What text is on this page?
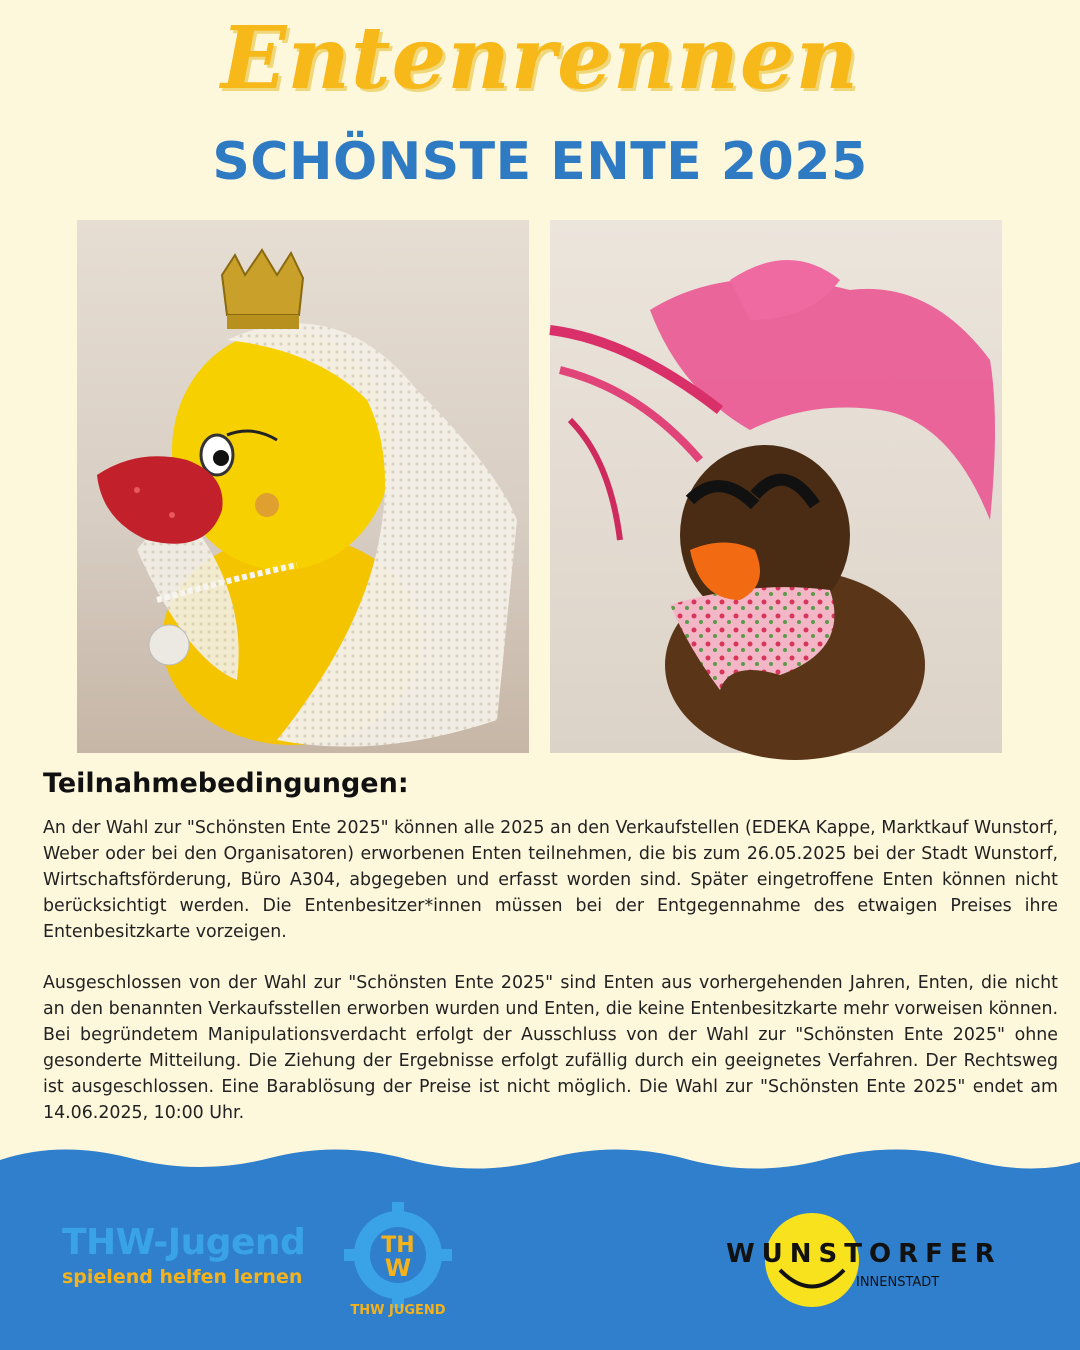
Entenrennen
SCHÖNSTE ENTE 2025
Teilnahmebedingungen:

An der Wahl zur "Schönsten Ente 2025" können alle 2025 an den Verkaufstellen (EDEKA Kappe, Marktkauf Wunstorf, Weber oder bei den Organisatoren) erworbenen Enten teilnehmen, die bis zum 26.05.2025 bei der Stadt Wunstorf, Wirtschaftsförderung, Büro A304, abgegeben und erfasst worden sind. Später eingetroffene Enten können nicht berücksichtigt werden. Die Entenbesitzer*innen müssen bei der Entgegennahme des etwaigen Preises ihre Entenbesitzkarte vorzeigen.

Ausgeschlossen von der Wahl zur "Schönsten Ente 2025" sind Enten aus vorhergehenden Jahren, Enten, die nicht an den benannten Verkaufsstellen erworben wurden und Enten, die keine Entenbesitzkarte mehr vorweisen können. Bei begründetem Manipulationsverdacht erfolgt der Ausschluss von der Wahl zur "Schönsten Ente 2025" ohne gesonderte Mitteilung. Die Ziehung der Ergebnisse erfolgt zufällig durch ein geeignetes Verfahren. Der Rechtsweg ist ausgeschlossen. Eine Barablösung der Preise ist nicht möglich. Die Wahl zur "Schönsten Ente 2025" endet am 14.06.2025, 10:00 Uhr.

THW-Jugend
spielend helfen lernen
TH
W
THW JUGEND
WUNSTORFER
INNENSTADT
